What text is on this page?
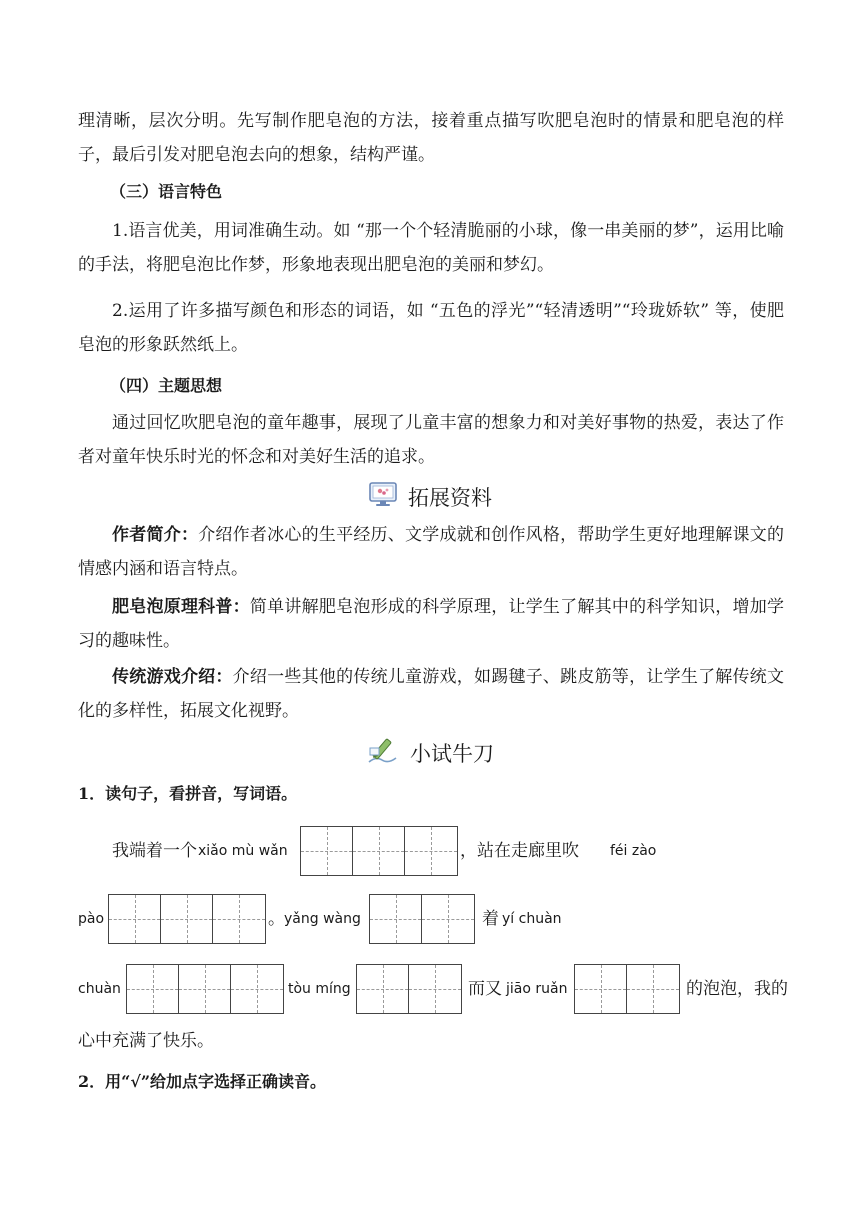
理清晰，层次分明。先写制作肥皂泡的方法，接着重点描写吹肥皂泡时的情景和肥皂泡的样子，最后引发对肥皂泡去向的想象，结构严谨。

（三）语言特色

1.语言优美，用词准确生动。如 “那一个个轻清脆丽的小球，像一串美丽的梦”，运用比喻的手法，将肥皂泡比作梦，形象地表现出肥皂泡的美丽和梦幻。

2.运用了许多描写颜色和形态的词语，如 “五色的浮光”“轻清透明”“玲珑娇软” 等，使肥皂泡的形象跃然纸上。

（四）主题思想

通过回忆吹肥皂泡的童年趣事，展现了儿童丰富的想象力和对美好事物的热爱，表达了作者对童年快乐时光的怀念和对美好生活的追求。

拓展资料

作者简介：介绍作者冰心的生平经历、文学成就和创作风格，帮助学生更好地理解课文的情感内涵和语言特点。

肥皂泡原理科普：简单讲解肥皂泡形成的科学原理，让学生了解其中的科学知识，增加学习的趣味性。

传统游戏介绍：介绍一些其他的传统儿童游戏，如踢毽子、跳皮筋等，让学生了解传统文化的多样性，拓展文化视野。

小试牛刀

1．读句子，看拼音，写词语。

我端着一个 xiǎo mù wǎn	，站在走廊里吹 féi zào
pào	。 yǎng wàng	着 yí chuàn
chuàn	tòu míng	而又 jiāo ruǎn	的泡泡，我的

心中充满了快乐。

2．用“√”给加点字选择正确读音。
